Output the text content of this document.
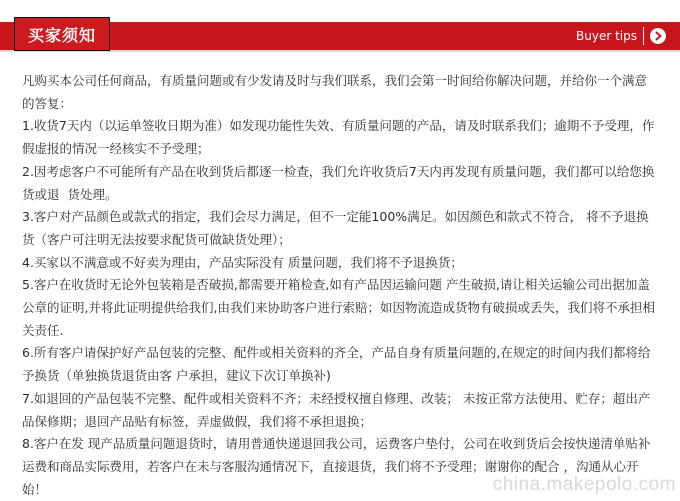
买家须知	Buyer tips

凡购买本公司任何商品，有质量问题或有少发请及时与我们联系，我们会第一时间给你解决问题，并给你一个满意的答复：

1.收货7天内（以运单签收日期为准）如发现功能性失效、有质量问题的产品，请及时联系我们；逾期不予受理，作假虚报的情况一经核实不予受理；

2.因考虑客户不可能所有产品在收到货后都逐一检查，我们允许收货后7天内再发现有质量问题，我们都可以给您换货或退  货处理。

3.客户对产品颜色或款式的指定，我们会尽力满足，但不一定能100%满足。如因颜色和款式不符合， 将不予退换货（客户可注明无法按要求配货可做缺货处理）；

4.买家以不满意或不好卖为理由，产品实际没有 质量问题，我们将不予退换货；

5.客户在收货时无论外包装箱是否破损,都需要开箱检查,如有产品因运输问题 产生破损,请让相关运输公司出据加盖公章的证明,并将此证明提供给我们,由我们来协助客户进行索赔；如因物流造成货物有破损或丢失，我们将不承担相关责任.

6.所有客户请保护好产品包装的完整、配件或相关资料的齐全，产品自身有质量问题的,在规定的时间内我们都将给予换货（单独换货退货由客 户承担，建议下次订单换补)

7.如退回的产品包装不完整、配件或相关资料不齐；未经授权擅自修理、改装； 未按正常方法使用、贮存；超出产品保修期；退回产品贴有标签，弄虚做假，我们将不承担退换；

8.客户在发 现产品质量问题退货时，请用普通快递退回我公司，运费客户垫付，公司在收到货后会按快递清单贴补运费和商品实际费用，若客户在未与客服沟通情况下，直接退货，我们将不予受理；谢谢你的配合 ，沟通从心开始！	china.makepolo.com
